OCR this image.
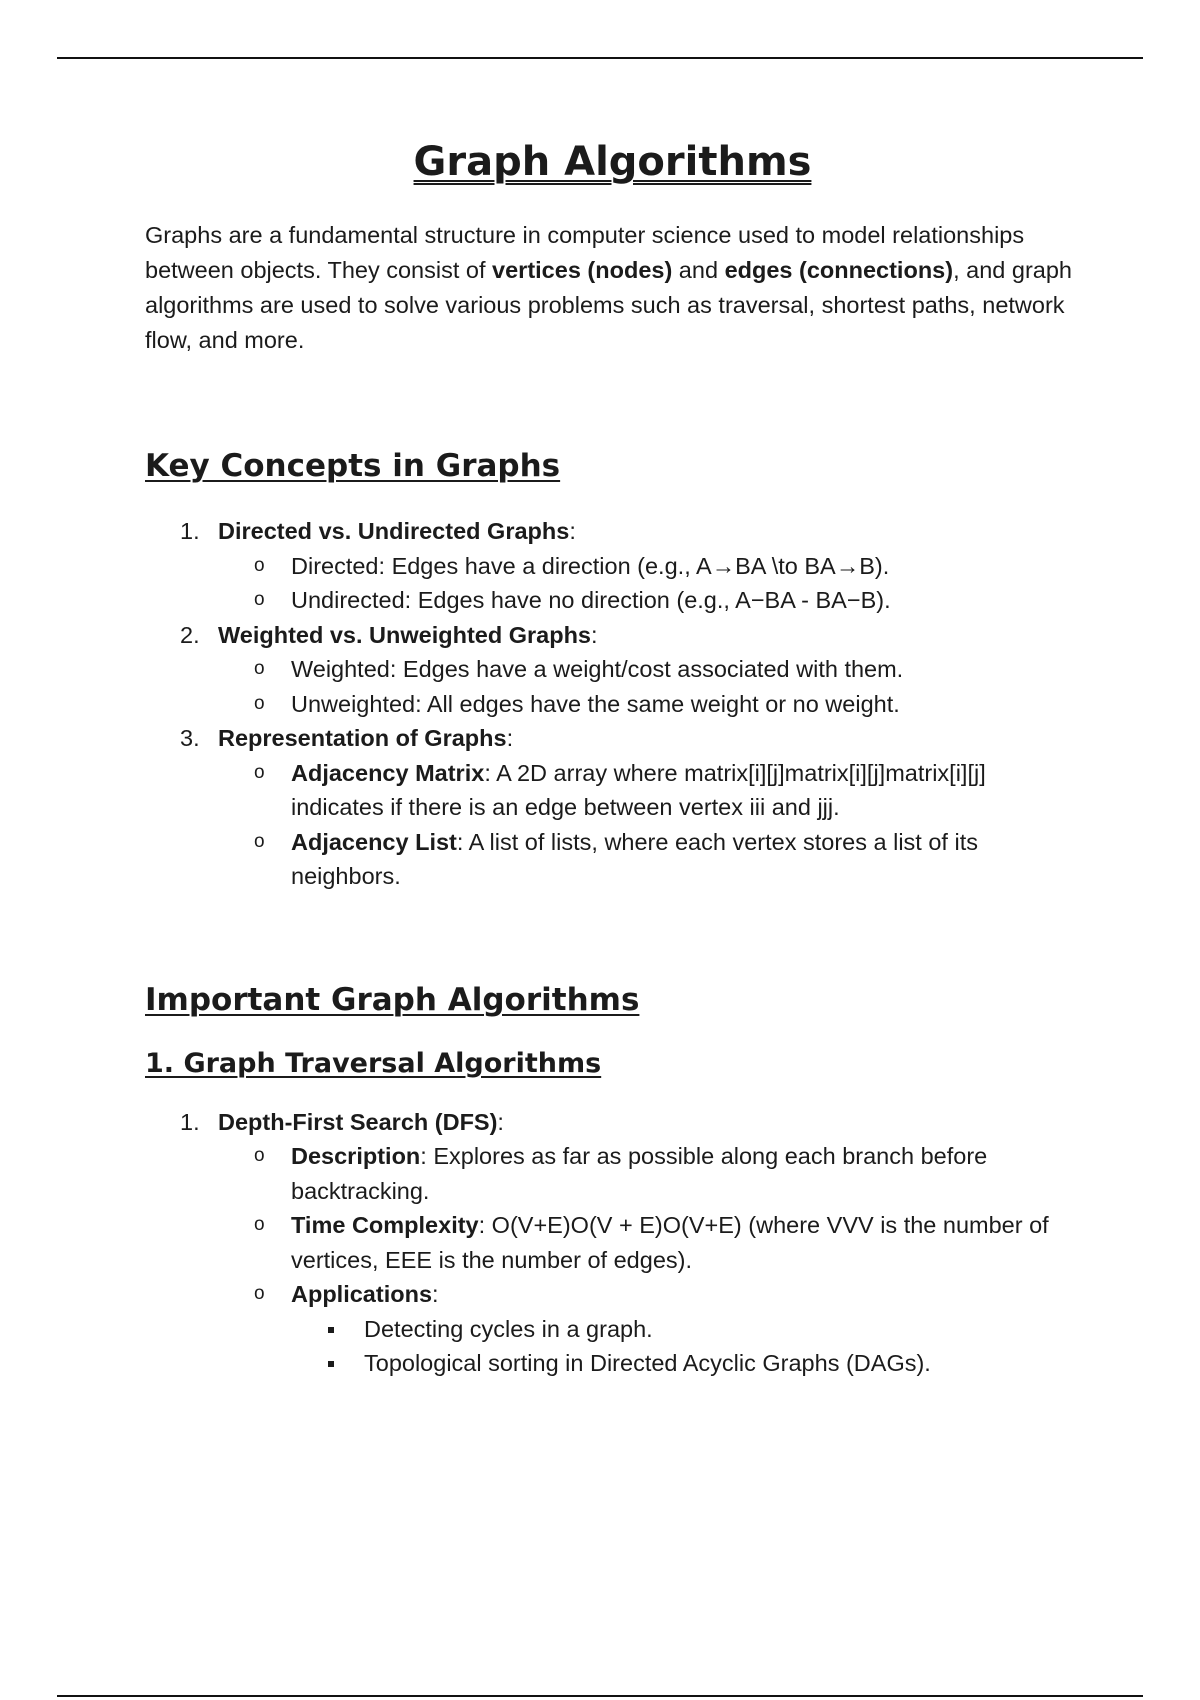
Graph Algorithms

Graphs are a fundamental structure in computer science used to model relationships between objects. They consist of vertices (nodes) and edges (connections), and graph algorithms are used to solve various problems such as traversal, shortest paths, network flow, and more.

Key Concepts in Graphs
1. Directed vs. Undirected Graphs:
o Directed: Edges have a direction (e.g., A→BA \to BA→B).
o Undirected: Edges have no direction (e.g., A−BA - BA−B).
2. Weighted vs. Unweighted Graphs:
o Weighted: Edges have a weight/cost associated with them.
o Unweighted: All edges have the same weight or no weight.
3. Representation of Graphs:
o Adjacency Matrix: A 2D array where matrix[i][j]matrix[i][j]matrix[i][j] indicates if there is an edge between vertex iii and jjj.
o Adjacency List: A list of lists, where each vertex stores a list of its neighbors.
Important Graph Algorithms
1. Graph Traversal Algorithms
1. Depth-First Search (DFS):
o Description: Explores as far as possible along each branch before backtracking.
o Time Complexity: O(V+E)O(V + E)O(V+E) (where VVV is the number of vertices, EEE is the number of edges).
o Applications:
Detecting cycles in a graph.
Topological sorting in Directed Acyclic Graphs (DAGs).
